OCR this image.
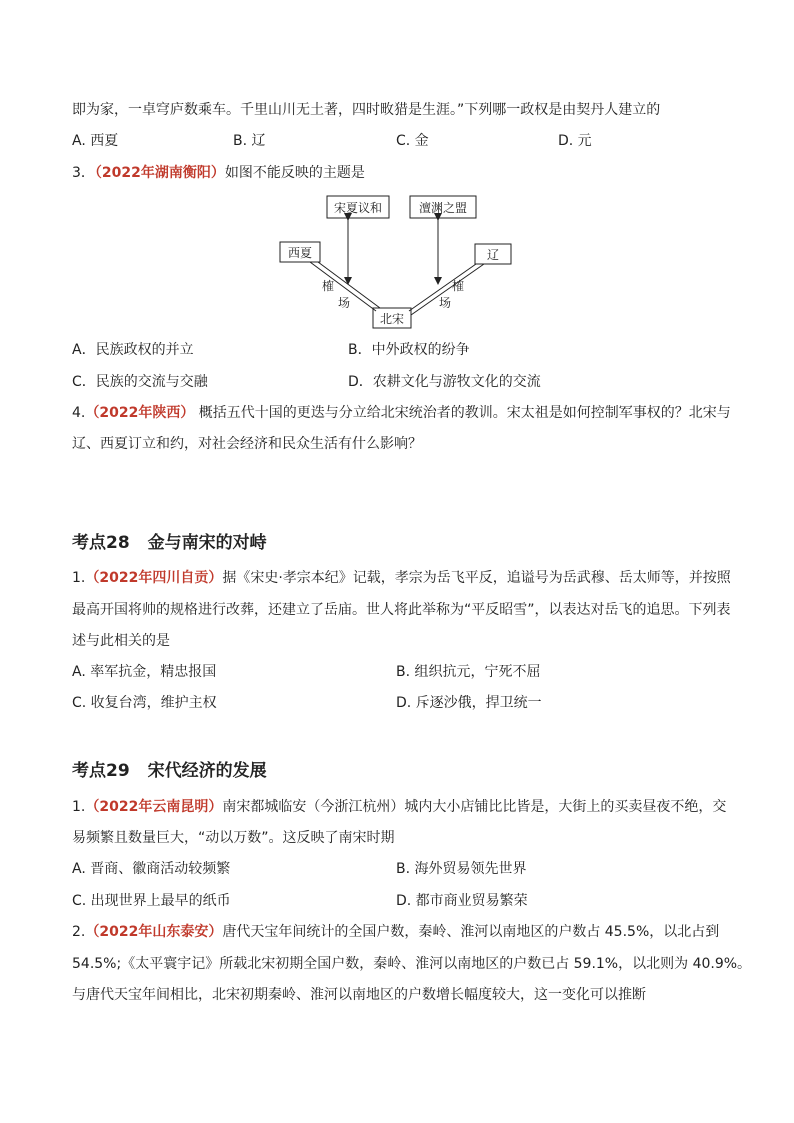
即为家，一卓穹庐数乘车。千里山川无土著，四时畋猎是生涯。”下列哪一政权是由契丹人建立的
A. 西夏	B. 辽	C. 金	D. 元
3．（2022年湖南衡阳）如图不能反映的主题是
宋夏议和	澶渊之盟
西夏	辽
北宋
榷
场
榷
场
A．民族政权的并立	B．中外政权的纷争
C．民族的交流与交融	D．农耕文化与游牧文化的交流
4.（2022年陕西） 概括五代十国的更迭与分立给北宋统治者的教训。宋太祖是如何控制军事权的？北宋与
辽、西夏订立和约，对社会经济和民众生活有什么影响？
考点28 金与南宋的对峙
1.（2022年四川自贡）据《宋史·孝宗本纪》记载，孝宗为岳飞平反，追谥号为岳武穆、岳太师等，并按照
最高开国将帅的规格进行改葬，还建立了岳庙。世人将此举称为“平反昭雪”，以表达对岳飞的追思。下列表
述与此相关的是
A. 率军抗金，精忠报国	B. 组织抗元，宁死不屈
C. 收复台湾，维护主权	D. 斥逐沙俄，捍卫统一
考点29 宋代经济的发展
1.（2022年云南昆明）南宋都城临安（今浙江杭州）城内大小店铺比比皆是，大街上的买卖昼夜不绝，交
易频繁且数量巨大，“动以万数”。这反映了南宋时期
A. 晋商、徽商活动较频繁	B. 海外贸易领先世界
C. 出现世界上最早的纸币	D. 都市商业贸易繁荣
2.（2022年山东泰安）唐代天宝年间统计的全国户数，秦岭、淮河以南地区的户数占 45.5%，以北占到
54.5%;《太平寰宇记》所载北宋初期全国户数，秦岭、淮河以南地区的户数已占 59.1%，以北则为 40.9%。
与唐代天宝年间相比，北宋初期秦岭、淮河以南地区的户数增长幅度较大，这一变化可以推断
